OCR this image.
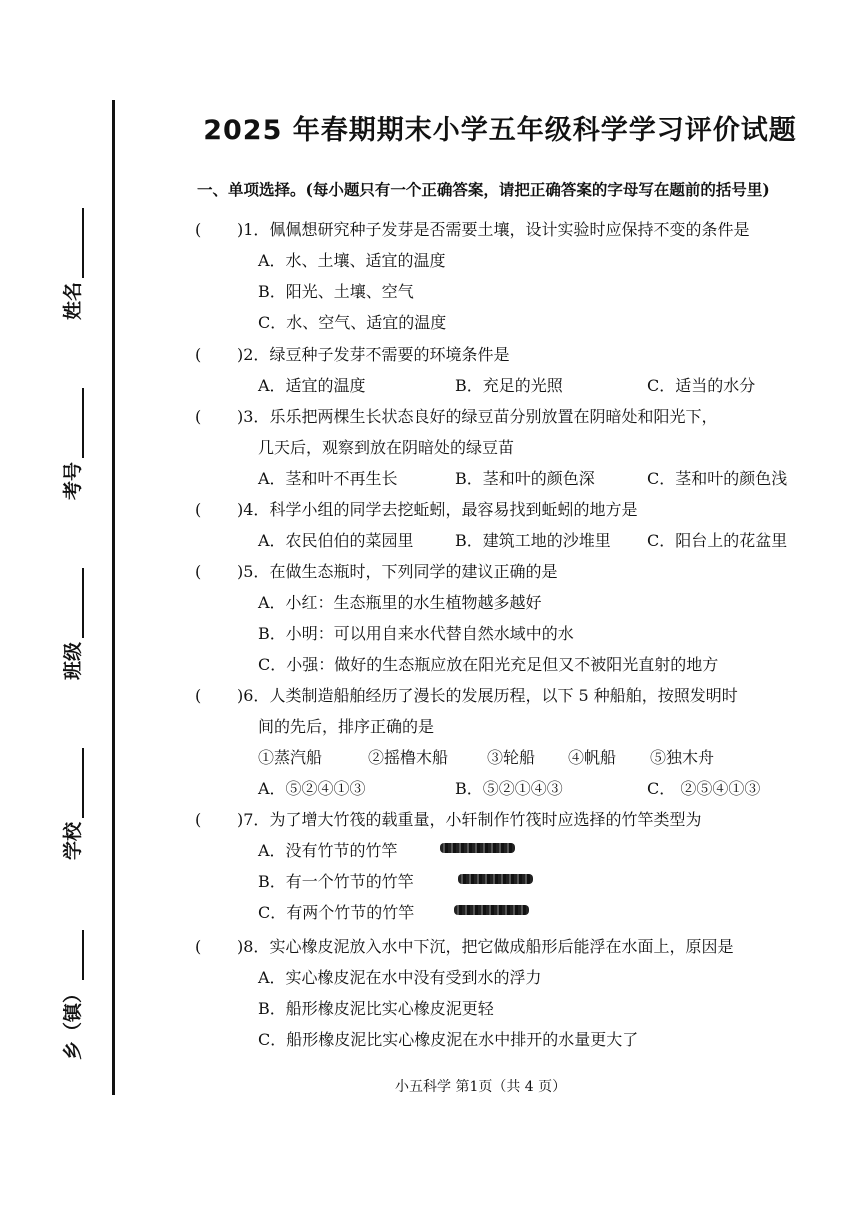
姓名
考号
班级
学校
乡（镇）
2025 年春期期末小学五年级科学学习评价试题
一、单项选择。(每小题只有一个正确答案，请把正确答案的字母写在题前的括号里)
( )1．佩佩想研究种子发芽是否需要土壤，设计实验时应保持不变的条件是
A．水、土壤、适宜的温度
B．阳光、土壤、空气
C．水、空气、适宜的温度
( )2．绿豆种子发芽不需要的环境条件是
A．适宜的温度	B．充足的光照	C．适当的水分
( )3．乐乐把两棵生长状态良好的绿豆苗分别放置在阴暗处和阳光下，
几天后，观察到放在阴暗处的绿豆苗
A．茎和叶不再生长	B．茎和叶的颜色深	C．茎和叶的颜色浅
( )4．科学小组的同学去挖蚯蚓，最容易找到蚯蚓的地方是
A．农民伯伯的菜园里	B．建筑工地的沙堆里 C．阳台上的花盆里
( )5．在做生态瓶时，下列同学的建议正确的是
A．小红：生态瓶里的水生植物越多越好
B．小明：可以用自来水代替自然水域中的水
C．小强：做好的生态瓶应放在阳光充足但又不被阳光直射的地方
( )6．人类制造船舶经历了漫长的发展历程，以下 5 种船舶，按照发明时
间的先后，排序正确的是
①蒸汽船	②摇橹木船 ③轮船 ④帆船 ⑤独木舟
A．⑤②④①③	B．⑤②①④③	C． ②⑤④①③
( )7．为了增大竹筏的载重量，小轩制作竹筏时应选择的竹竿类型为
A．没有竹节的竹竿
B．有一个竹节的竹竿
C．有两个竹节的竹竿
( )8．实心橡皮泥放入水中下沉，把它做成船形后能浮在水面上，原因是
A．实心橡皮泥在水中没有受到水的浮力
B．船形橡皮泥比实心橡皮泥更轻
C．船形橡皮泥比实心橡皮泥在水中排开的水量更大了
小五科学 第1页（共 4 页）
